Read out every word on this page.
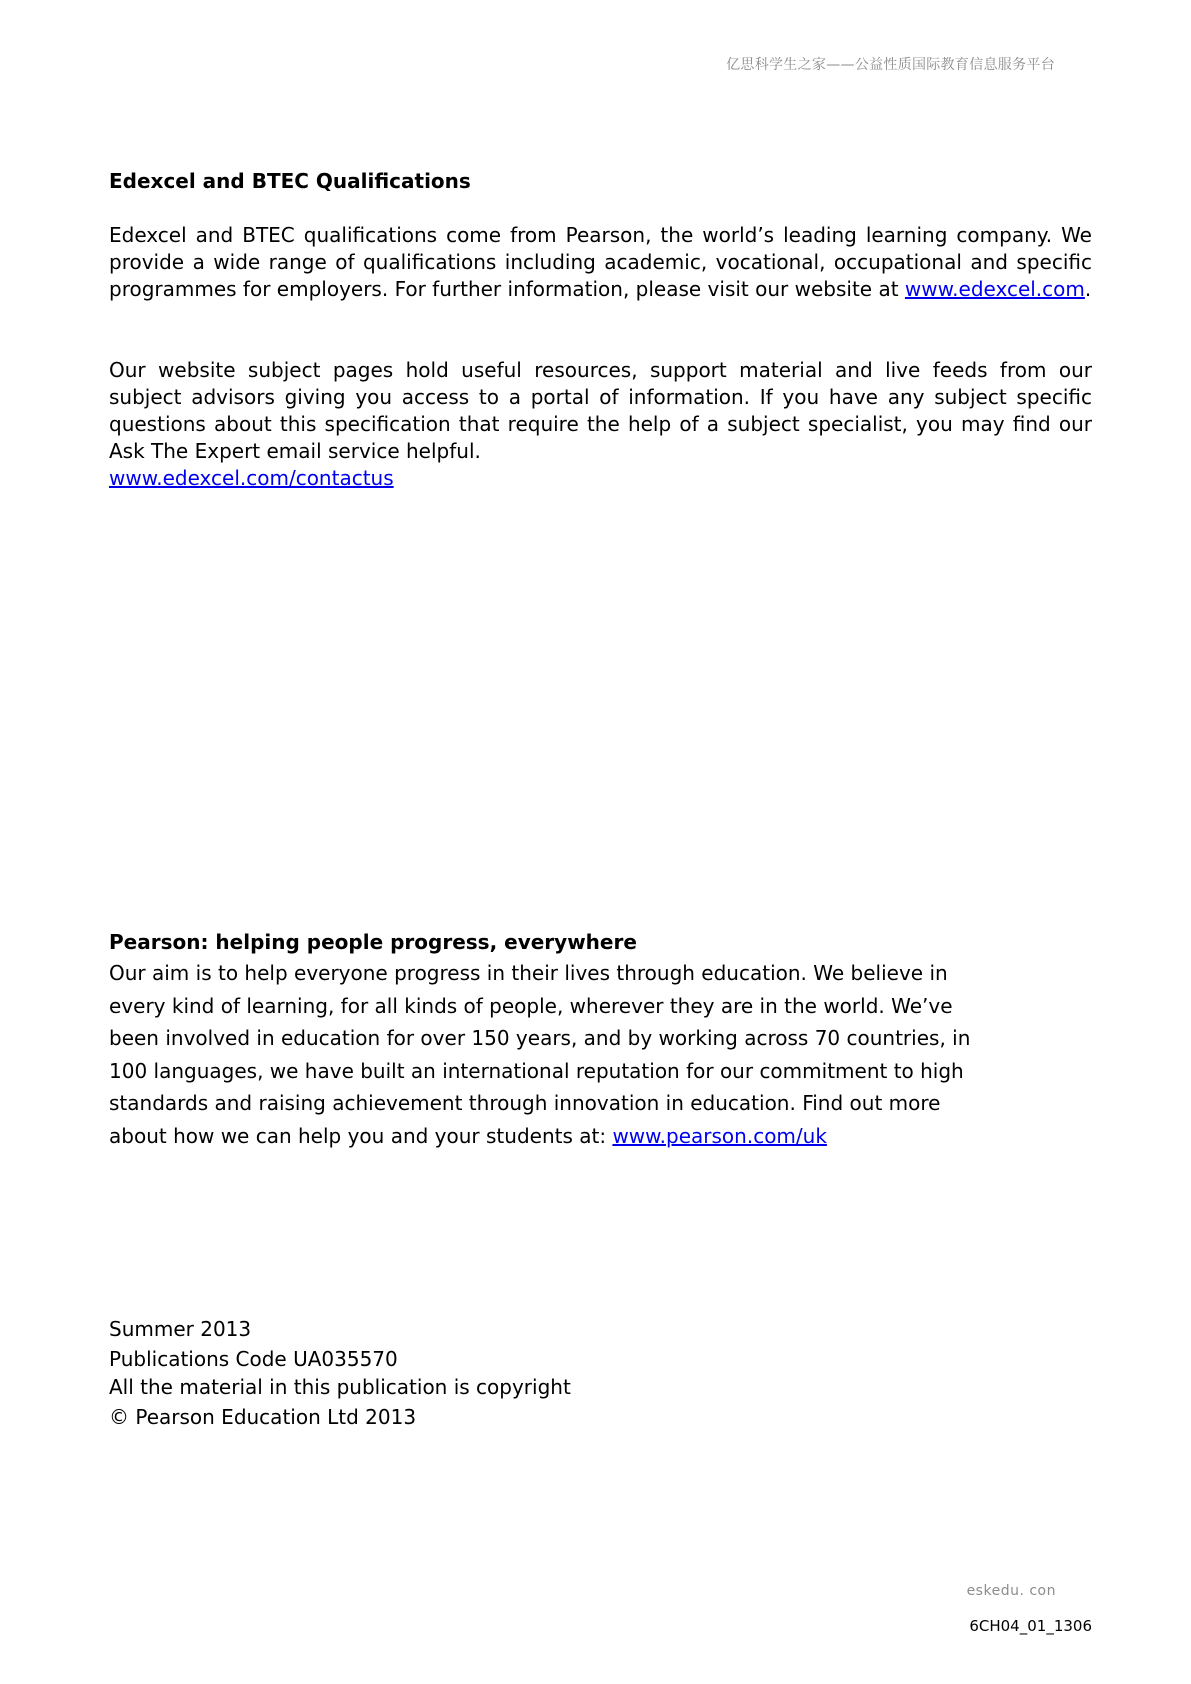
亿思科学生之家——公益性质国际教育信息服务平台

Edexcel and BTEC Qualifications

Edexcel and BTEC qualifications come from Pearson, the world’s leading learning company. We provide a wide range of qualifications including academic, vocational, occupational and specific programmes for employers. For further information, please visit our website at www.edexcel.com.

Our website subject pages hold useful resources, support material and live feeds from our subject advisors giving you access to a portal of information. If you have any subject specific questions about this specification that require the help of a subject specialist, you may find our Ask The Expert email service helpful.

www.edexcel.com/contactus

Pearson: helping people progress, everywhere

Our aim is to help everyone progress in their lives through education. We believe in

every kind of learning, for all kinds of people, wherever they are in the world. We’ve

been involved in education for over 150 years, and by working across 70 countries, in

100 languages, we have built an international reputation for our commitment to high

standards and raising achievement through innovation in education. Find out more

about how we can help you and your students at: www.pearson.com/uk

Summer 2013

Publications Code UA035570

All the material in this publication is copyright

© Pearson Education Ltd 2013

eskedu. con
6CH04_01_1306
